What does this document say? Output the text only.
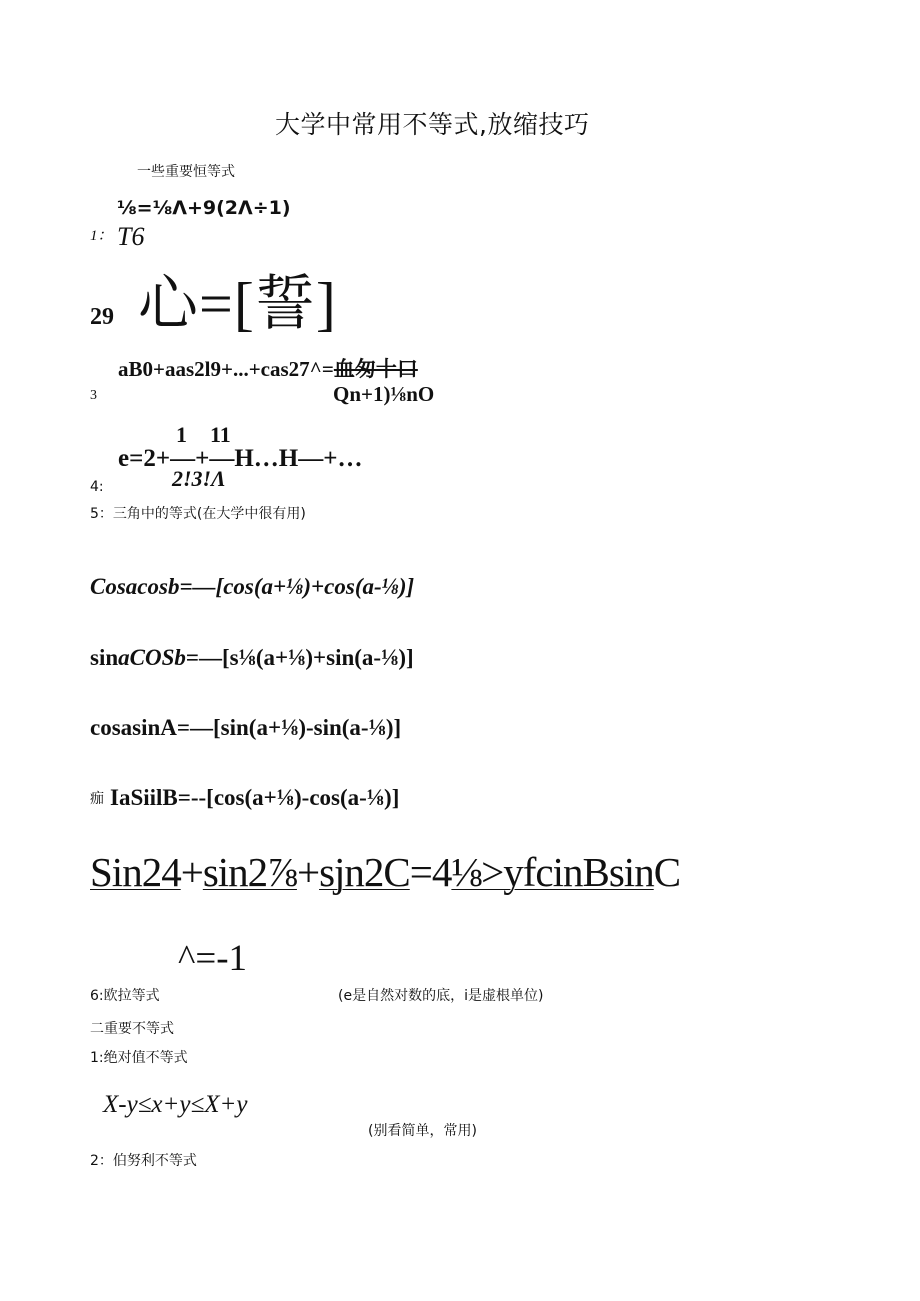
大学中常用不等式,放缩技巧
一些重要恒等式
⅛=⅛Λ+9(2Λ÷1)
1： T6
29 心=[誓]
aB0+aas2l9+...+cas27^=血匆十口
3	Qn+1)⅛nO
1 11
e=2+—+—H…H—+…
2!3!Λ
4:
5：三角中的等式(在大学中很有用)
Cosacosb=—[cos(a+⅛)+cos(a-⅛)]
sinaCOSb=—[s⅛(a+⅛)+sin(a-⅛)]
cosasinA=—[sin(a+⅛)-sin(a-⅛)]
痂 IaSiilB=--[cos(a+⅛)-cos(a-⅛)]
Sin24+sin2⅞+sjn2C=4⅛>yfcinBsinC
^=-1
6:欧拉等式	(e是自然对数的底，i是虚根单位)
二重要不等式
1:绝对值不等式
X-y≤x+y≤X+y
(别看简单，常用)
2：伯努利不等式
